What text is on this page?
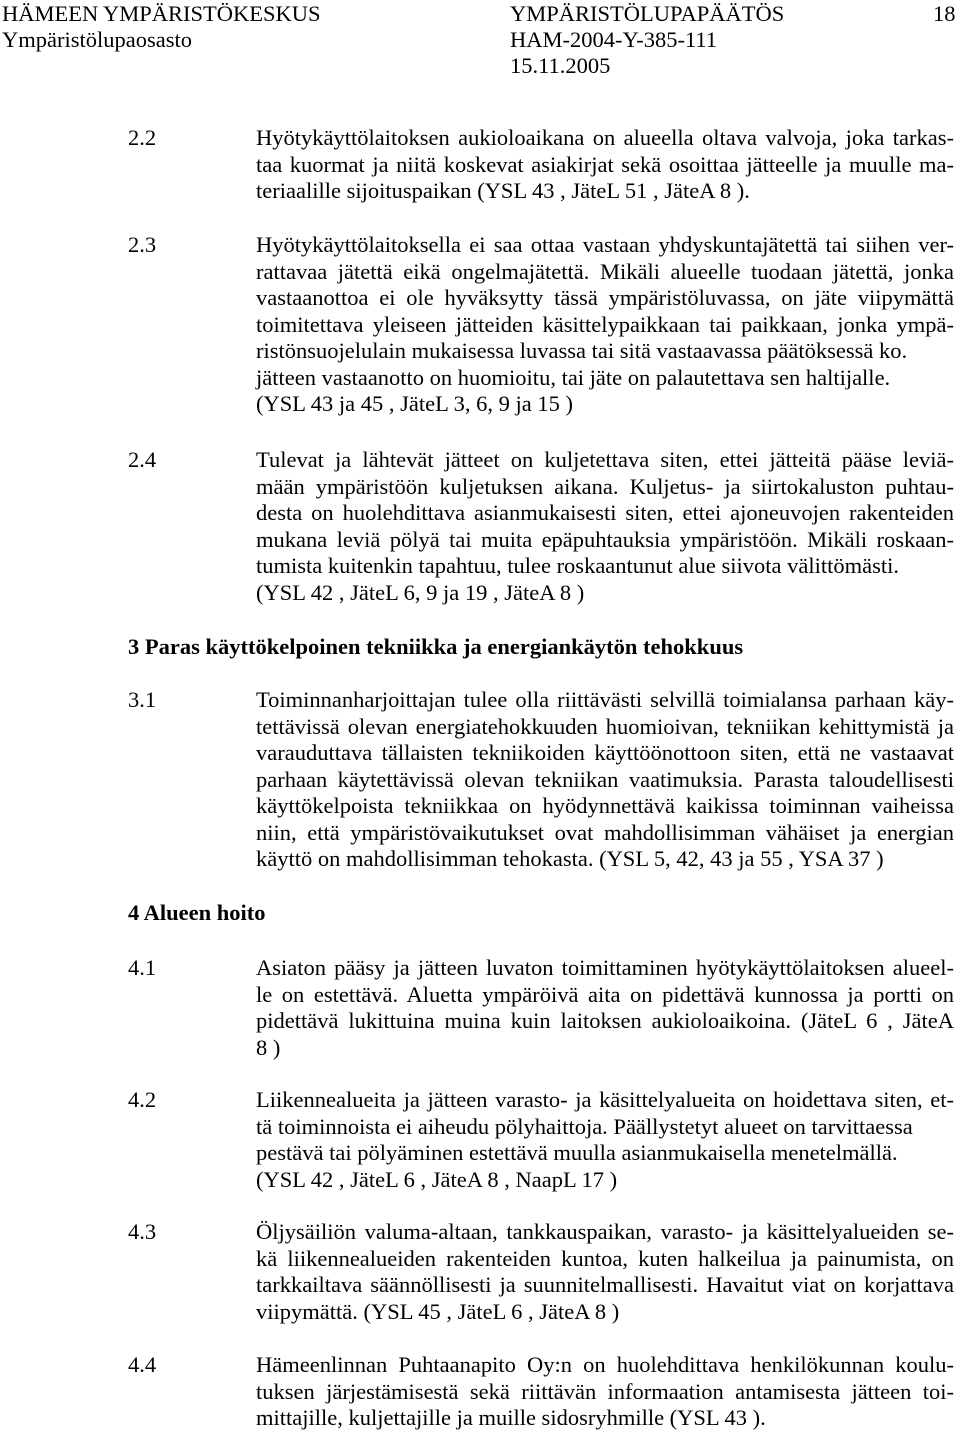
HÄMEEN YMPÄRISTÖKESKUS
Ympäristölupaosasto
YMPÄRISTÖLUPAPÄÄTÖS
HAM-2004-Y-385-111
15.11.2005
18
2.2	Hyötykäyttölaitoksen aukioloaikana on alueella oltava valvoja, joka tarkas-
taa kuormat ja niitä koskevat asiakirjat sekä osoittaa jätteelle ja muulle ma-
teriaalille sijoituspaikan (YSL 43 , JäteL 51 , JäteA 8 ).
2.3	Hyötykäyttölaitoksella ei saa ottaa vastaan yhdyskuntajätettä tai siihen ver-
rattavaa jätettä eikä ongelmajätettä. Mikäli alueelle tuodaan jätettä, jonka
vastaanottoa ei ole hyväksytty tässä ympäristöluvassa, on jäte viipymättä
toimitettava yleiseen jätteiden käsittelypaikkaan tai paikkaan, jonka ympä-
ristönsuojelulain mukaisessa luvassa tai sitä vastaavassa päätöksessä ko.
jätteen vastaanotto on huomioitu, tai jäte on palautettava sen haltijalle.
(YSL 43 ja 45 , JäteL 3, 6, 9 ja 15 )
2.4	Tulevat ja lähtevät jätteet on kuljetettava siten, ettei jätteitä pääse leviä-
mään ympäristöön kuljetuksen aikana. Kuljetus- ja siirtokaluston puhtau-
desta on huolehdittava asianmukaisesti siten, ettei ajoneuvojen rakenteiden
mukana leviä pölyä tai muita epäpuhtauksia ympäristöön. Mikäli roskaan-
tumista kuitenkin tapahtuu, tulee roskaantunut alue siivota välittömästi.
(YSL 42 , JäteL 6, 9 ja 19 , JäteA 8 )
3 Paras käyttökelpoinen tekniikka ja energiankäytön tehokkuus
3.1	Toiminnanharjoittajan tulee olla riittävästi selvillä toimialansa parhaan käy-
tettävissä olevan energiatehokkuuden huomioivan, tekniikan kehittymistä ja
varauduttava tällaisten tekniikoiden käyttöönottoon siten, että ne vastaavat
parhaan käytettävissä olevan tekniikan vaatimuksia. Parasta taloudellisesti
käyttökelpoista tekniikkaa on hyödynnettävä kaikissa toiminnan vaiheissa
niin, että ympäristövaikutukset ovat mahdollisimman vähäiset ja energian
käyttö on mahdollisimman tehokasta. (YSL 5, 42, 43 ja 55 , YSA 37 )
4 Alueen hoito
4.1	Asiaton pääsy ja jätteen luvaton toimittaminen hyötykäyttölaitoksen alueel-
le on estettävä. Aluetta ympäröivä aita on pidettävä kunnossa ja portti on
pidettävä lukittuina muina kuin laitoksen aukioloaikoina. (JäteL 6 , JäteA
8 )
4.2	Liikennealueita ja jätteen varasto- ja käsittelyalueita on hoidettava siten, et-
tä toiminnoista ei aiheudu pölyhaittoja. Päällystetyt alueet on tarvittaessa
pestävä tai pölyäminen estettävä muulla asianmukaisella menetelmällä.
(YSL 42 , JäteL 6 , JäteA 8 , NaapL 17 )
4.3	Öljysäiliön valuma-altaan, tankkauspaikan, varasto- ja käsittelyalueiden se-
kä liikennealueiden rakenteiden kuntoa, kuten halkeilua ja painumista, on
tarkkailtava säännöllisesti ja suunnitelmallisesti. Havaitut viat on korjattava
viipymättä. (YSL 45 , JäteL 6 , JäteA 8 )
4.4	Hämeenlinnan Puhtaanapito Oy:n on huolehdittava henkilökunnan koulu-
tuksen järjestämisestä sekä riittävän informaation antamisesta jätteen toi-
mittajille, kuljettajille ja muille sidosryhmille (YSL 43 ).
